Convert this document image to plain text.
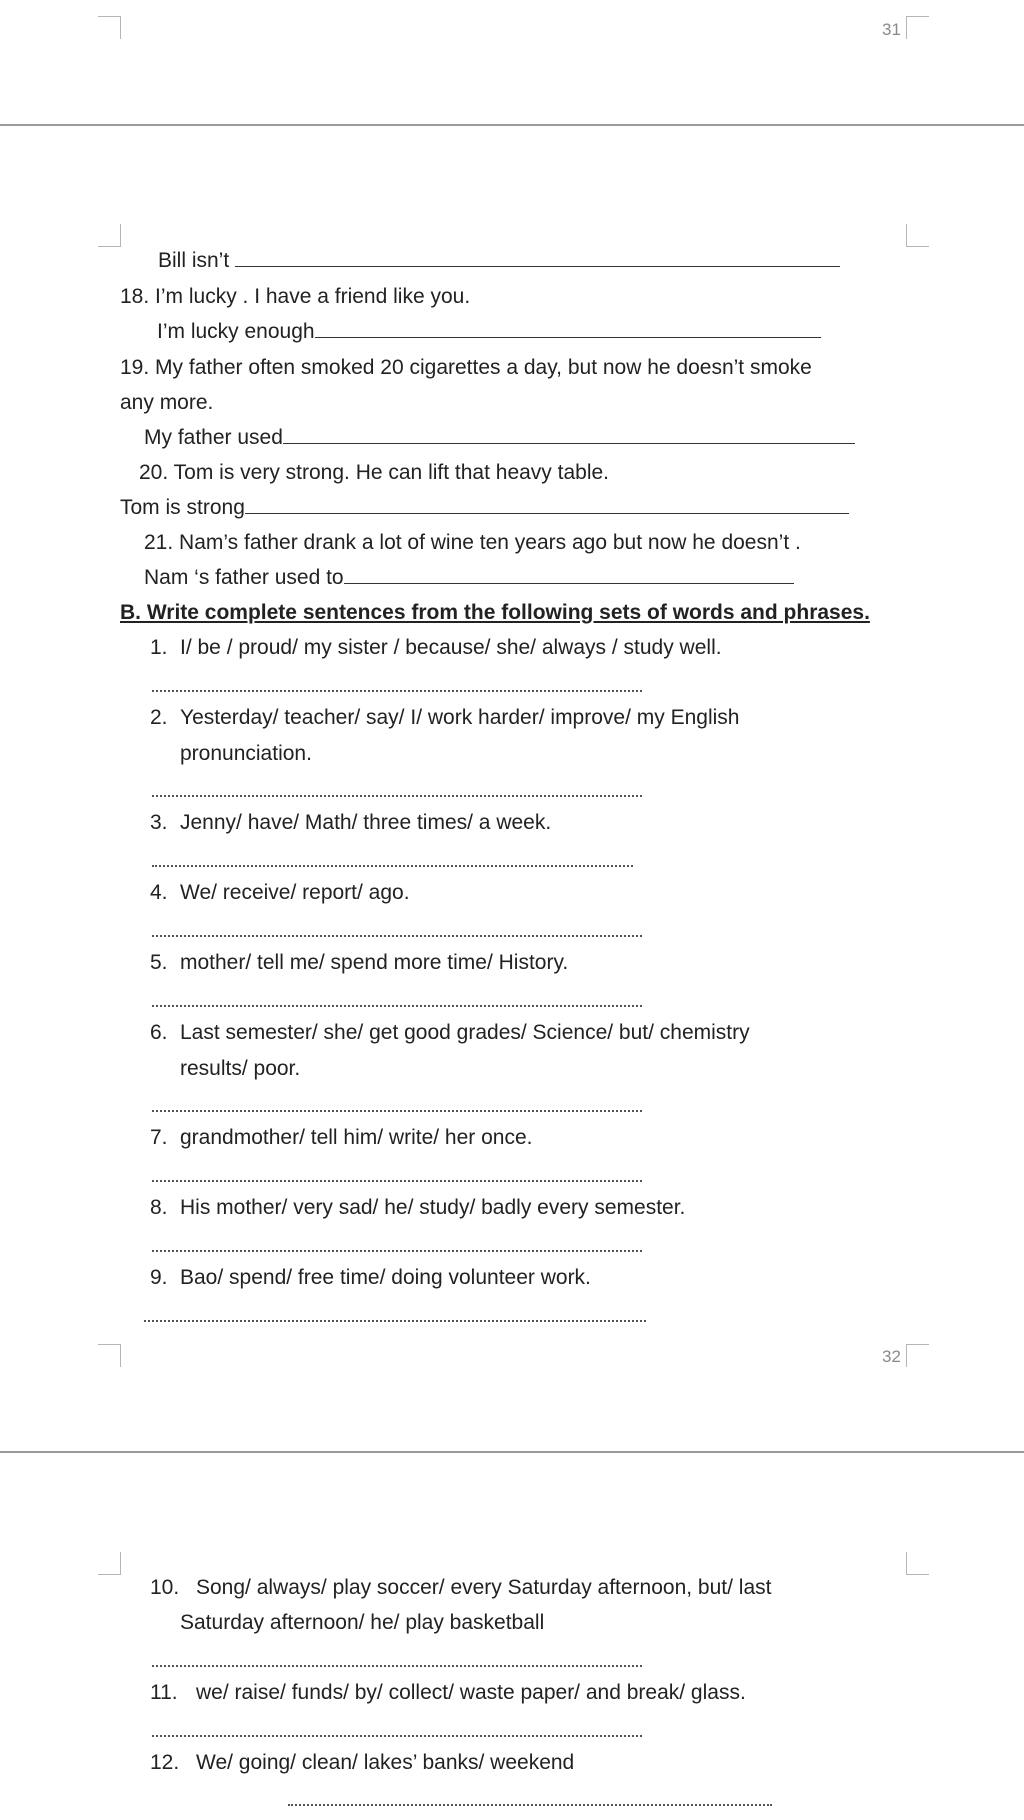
31
Bill isn’t
18. I’m lucky . I have a friend like you.
I’m lucky enough
19. My father often smoked 20 cigarettes a day, but now he doesn’t smoke
any more.
My father used
20. Tom is very strong. He can lift that heavy table.
Tom is strong
21. Nam’s father drank a lot of wine ten years ago but now he doesn’t .
Nam ‘s father used to
B. Write complete sentences from the following sets of words and phrases.
1. I/ be / proud/ my sister / because/ she/ always / study well.
2. Yesterday/ teacher/ say/ I/ work harder/ improve/ my English
pronunciation.
3. Jenny/ have/ Math/ three times/ a week.
4. We/ receive/ report/ ago.
5. mother/ tell me/ spend more time/ History.
6. Last semester/ she/ get good grades/ Science/ but/ chemistry
results/ poor.
7. grandmother/ tell him/ write/ her once.
8. His mother/ very sad/ he/ study/ badly every semester.
9. Bao/ spend/ free time/ doing volunteer work.
32
10. Song/ always/ play soccer/ every Saturday afternoon, but/ last
Saturday afternoon/ he/ play basketball
11. we/ raise/ funds/ by/ collect/ waste paper/ and break/ glass.
12. We/ going/ clean/ lakes’ banks/ weekend
